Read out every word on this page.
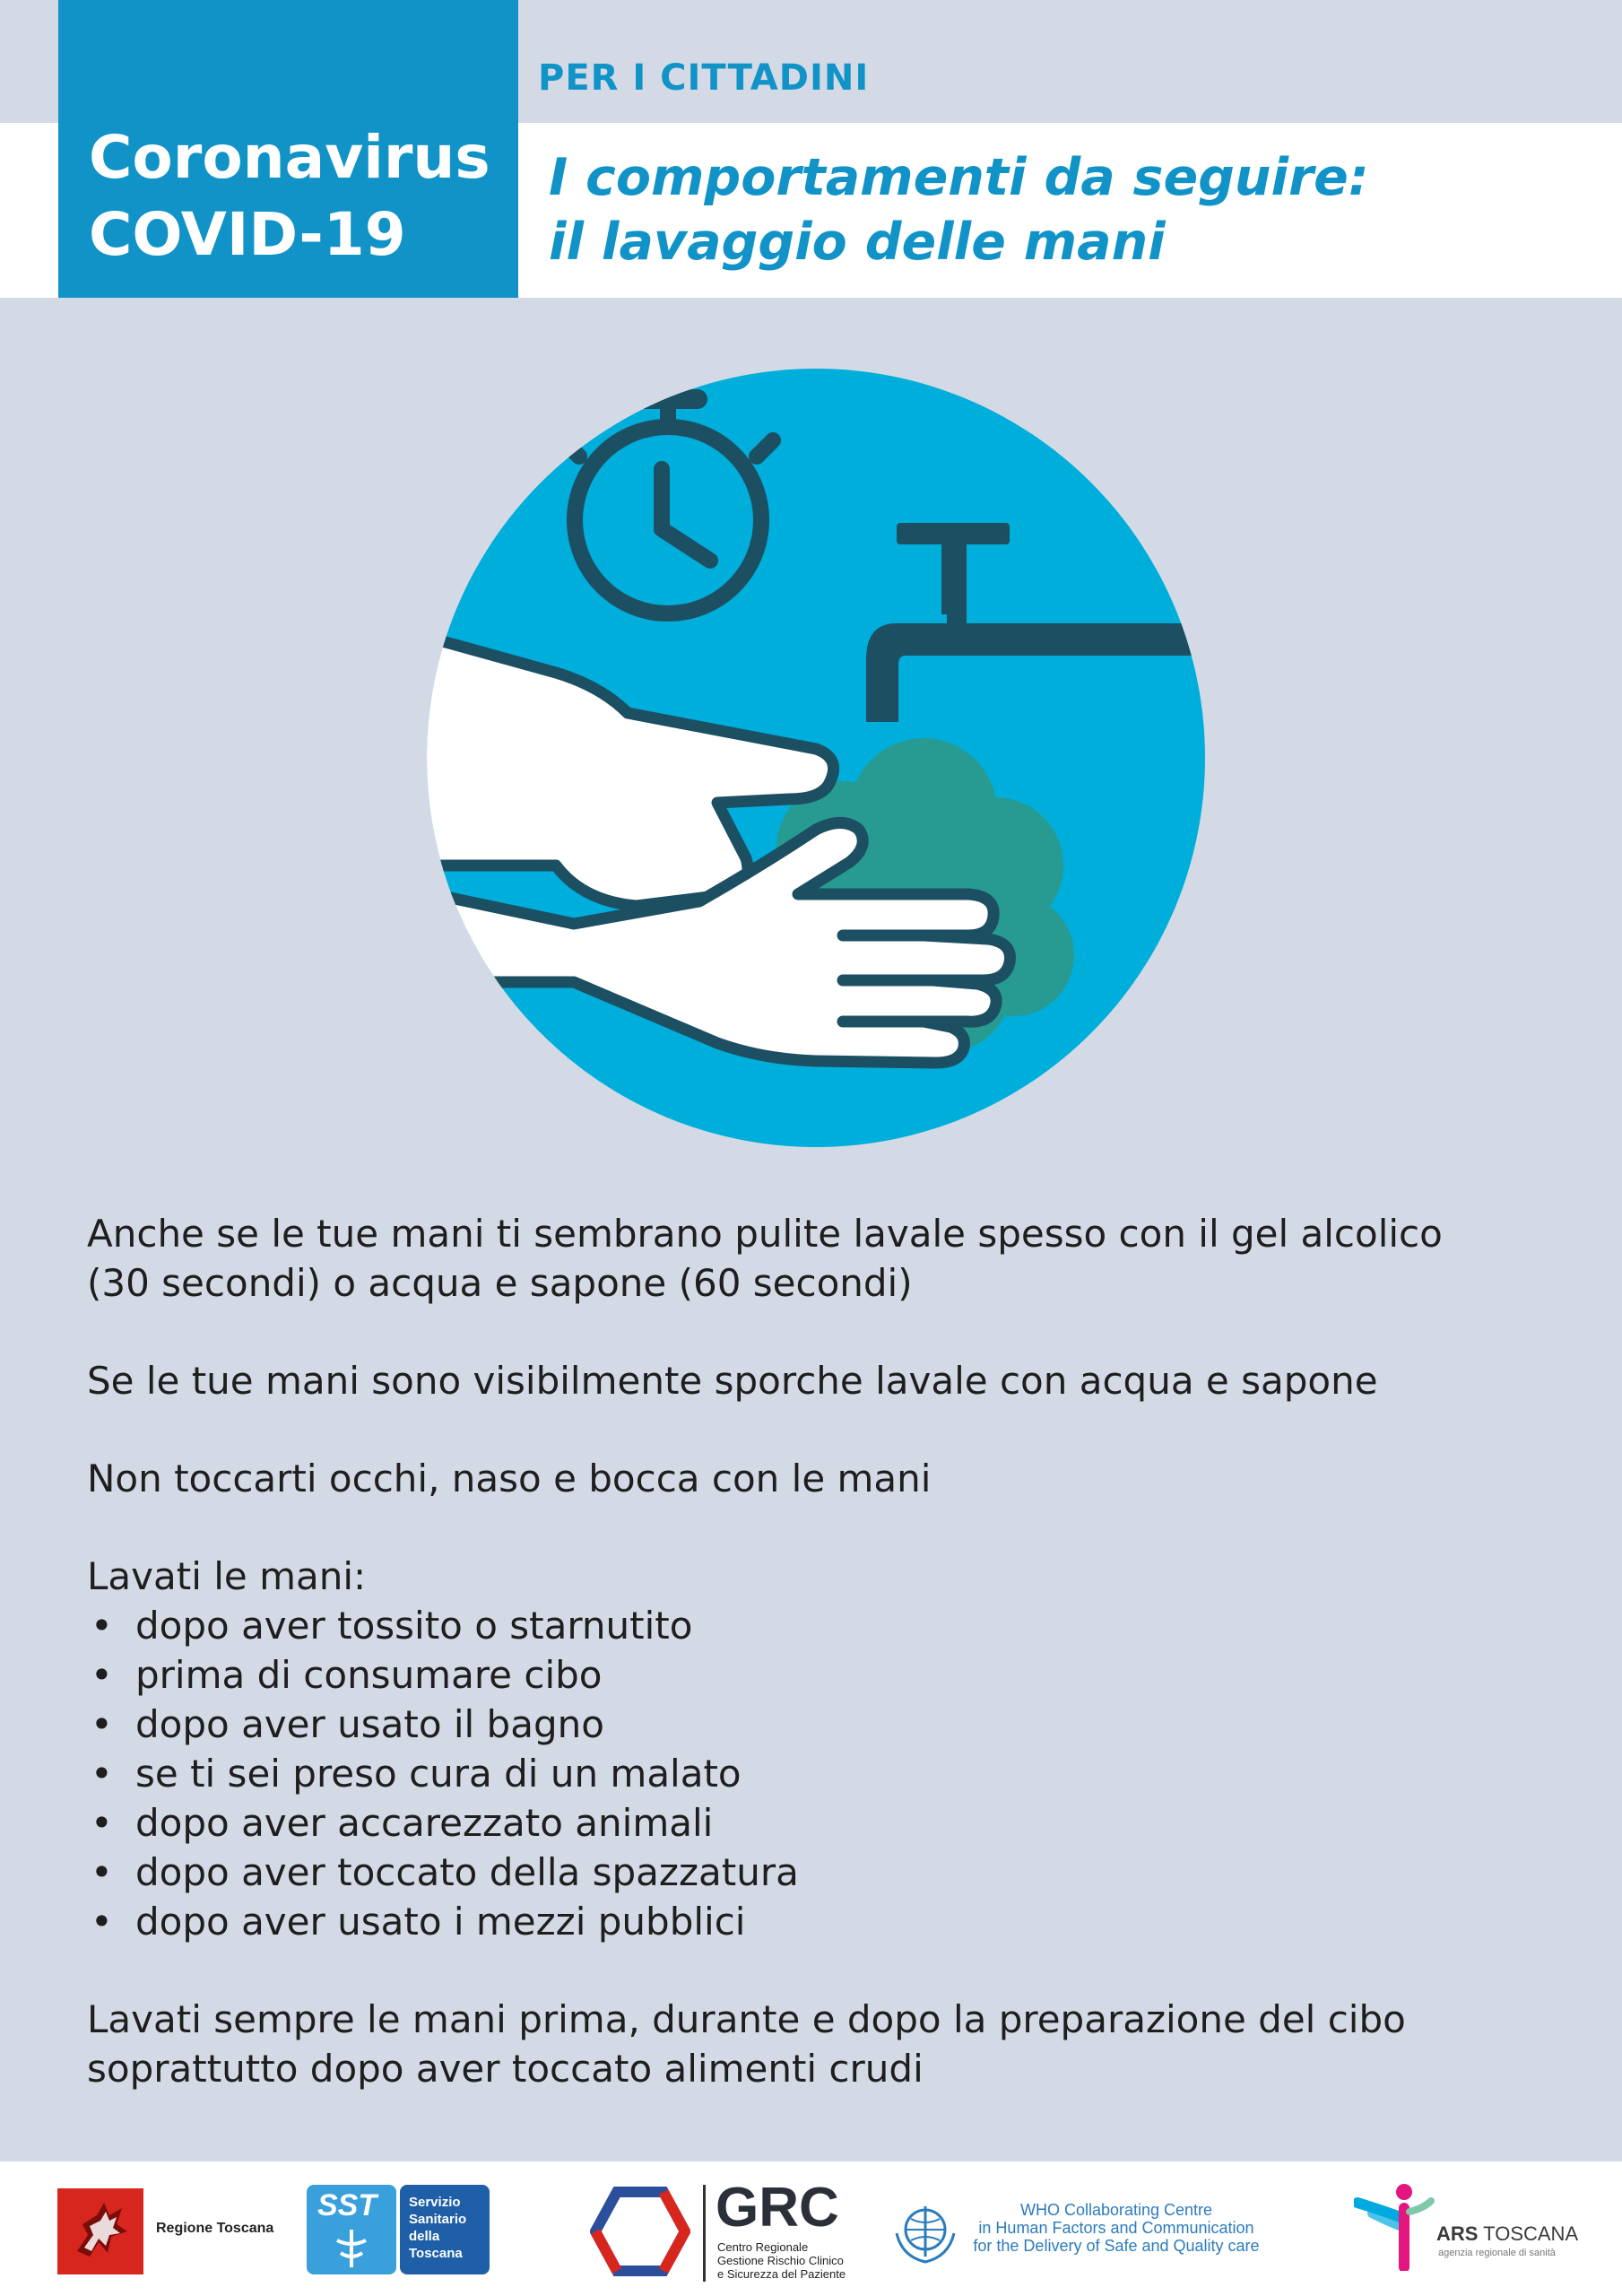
Coronavirus
COVID-19
PER I CITTADINI
I comportamenti da seguire:
il lavaggio delle mani

Anche se le tue mani ti sembrano pulite lavale spesso con il gel alcolico
(30 secondi) o acqua e sapone (60 secondi)

Se le tue mani sono visibilmente sporche lavale con acqua e sapone

Non toccarti occhi, naso e bocca con le mani

Lavati le mani:
• dopo aver tossito o starnutito
• prima di consumare cibo
• dopo aver usato il bagno
• se ti sei preso cura di un malato
• dopo aver accarezzato animali
• dopo aver toccato della spazzatura
• dopo aver usato i mezzi pubblici

Lavati sempre le mani prima, durante e dopo la preparazione del cibo
soprattutto dopo aver toccato alimenti crudi

Regione Toscana
SST Servizio
Sanitario
della
Toscana
GRC
Centro Regionale
Gestione Rischio Clinico
e Sicurezza del Paziente
WHO Collaborating Centre
in Human Factors and Communication
for the Delivery of Safe and Quality care
ARS TOSCANA
agenzia regionale di sanità
